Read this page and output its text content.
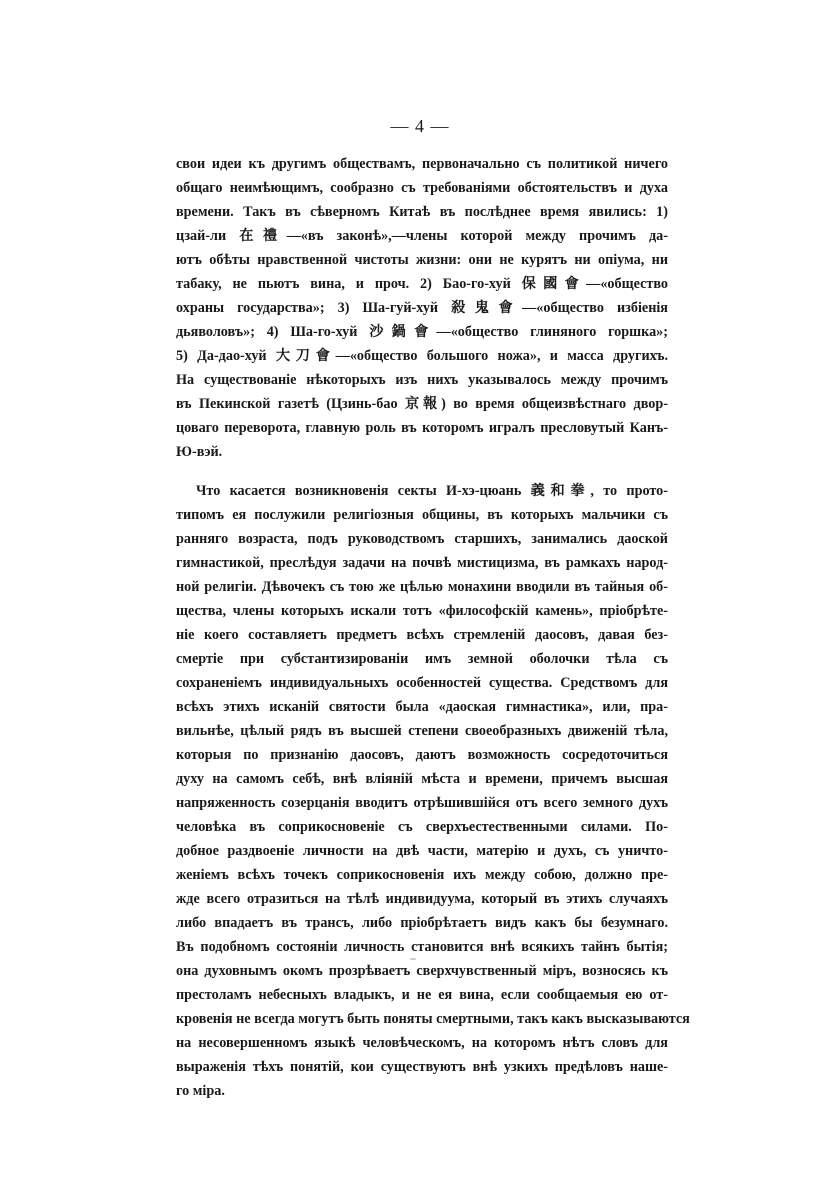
— 4 —
свои идеи къ другимъ обществамъ, первоначально съ политикой ничего
общаго неимѣющимъ, сообразно съ требованіями обстоятельствъ и духа
времени. Такъ въ сѣверномъ Китаѣ въ послѣднее время явились: 1)
цзай-ли 在禮—«въ законѣ»,—члены которой между прочимъ да-
ютъ обѣты нравственной чистоты жизни: они не курятъ ни опіума, ни
табаку, не пьютъ вина, и проч. 2) Бао-го-хуй 保國會—«общество
охраны государства»; 3) Ша-гуй-хуй 殺鬼會—«общество избіенія
дьяволовъ»; 4) Ша-го-хуй 沙鍋會—«общество глиняного горшка»;
5) Да-дао-хуй 大刀會—«общество большого ножа», и масса другихъ.
На существованіе нѣкоторыхъ изъ нихъ указывалось между прочимъ
въ Пекинской газетѣ (Цзинь-бао 京報) во время общеизвѣстнаго двор-
цоваго переворота, главную роль въ которомъ игралъ пресловутый Канъ-
Ю-вэй.
Что касается возникновенія секты И-хэ-цюань 義和拳, то прото-
типомъ ея послужили религіозныя общины, въ которыхъ мальчики съ
ранняго возраста, подъ руководствомъ старшихъ, занимались даоской
гимнастикой, преслѣдуя задачи на почвѣ мистицизма, въ рамкахъ народ-
ной религіи. Дѣвочекъ съ тою же цѣлью монахини вводили въ тайныя об-
щества, члены которыхъ искали тотъ «философскій камень», пріобрѣте-
ніе коего составляетъ предметъ всѣхъ стремленій даосовъ, давая без-
смертіе при субстантизированіи имъ земной оболочки тѣла съ
сохраненіемъ индивидуальныхъ особенностей существа. Средствомъ для
всѣхъ этихъ исканій святости была «даоская гимнастика», или, пра-
вильнѣе, цѣлый рядъ въ высшей степени своеобразныхъ движеній тѣла,
которыя по признанію даосовъ, даютъ возможность сосредоточиться
духу на самомъ себѣ, внѣ вліяній мѣста и времени, причемъ высшая
напряженность созерцанія вводитъ отрѣшившійся отъ всего земного духъ
человѣка въ соприкосновеніе съ сверхъестественными силами. По-
добное раздвоеніе личности на двѣ части, матерію и духъ, съ уничто-
женіемъ всѣхъ точекъ соприкосновенія ихъ между собою, должно пре-
жде всего отразиться на тѣлѣ индивидуума, который въ этихъ случаяхъ
либо впадаетъ въ трансъ, либо пріобрѣтаетъ видъ какъ бы безумнаго.
Въ подобномъ состояніи личность становится внѣ всякихъ тайнъ бытія;
она духовнымъ окомъ прозрѣваетъ сверхчувственный міръ, возносясь къ
престоламъ небесныхъ владыкъ, и не ея вина, если сообщаемыя ею от-
кровенія не всегда могутъ быть поняты смертными, такъ какъ высказываются
на несовершенномъ языкѣ человѣческомъ, на которомъ нѣтъ словъ для
выраженія тѣхъ понятій, кои существуютъ внѣ узкихъ предѣловъ наше-
го міра.
